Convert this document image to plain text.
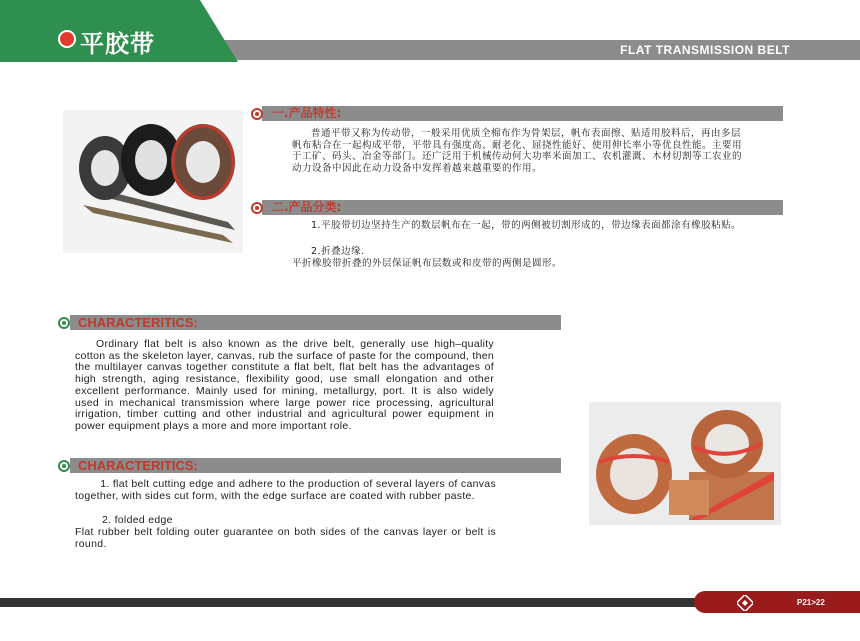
平胶带	FLAT TRANSMISSION BELT
一.产品特性:

普通平带又称为传动带，一般采用优质全棉布作为骨架层，帆布表面擦、贴适用胶料后，再由多层帆布粘合在一起构成平带，平带具有强度高、耐老化、屈挠性能好、使用伸长率小等优良性能。主要用于工矿、码头、冶金等部门。还广泛用于机械传动何大功率米面加工、农机灌溉、木材切割等工农业的动力设备中因此在动力设备中发挥着越来越重要的作用。

二.产品分类:

1.平胶带切边坚持生产的数层帆布在一起，带的两侧被切割形成的，带边缘表面都涂有橡胶粘贴。

2.折叠边缘.

平折橡胶带折叠的外层保证帆布层数或和皮带的两侧是圆形。

CHARACTERITICS:

Ordinary flat belt is also known as the drive belt, generally use high–quality cotton as the skeleton layer, canvas, rub the surface of paste for the compound, then the multilayer canvas together constitute a flat belt, flat belt has the advantages of high strength, aging resistance, flexibility good, use small elongation and other excellent performance. Mainly used for mining, metallurgy, port. It is also widely used in mechanical transmission where large power rice processing, agricultural irrigation, timber cutting and other industrial and agricultural power equipment in power equipment plays a more and more important role.

CHARACTERITICS:

1. flat belt cutting edge and adhere to the production of several layers of canvas together, with sides cut form, with the edge surface are coated with rubber paste.

2. folded edge

Flat rubber belt folding outer guarantee on both sides of the canvas layer or belt is round.

P21>22
